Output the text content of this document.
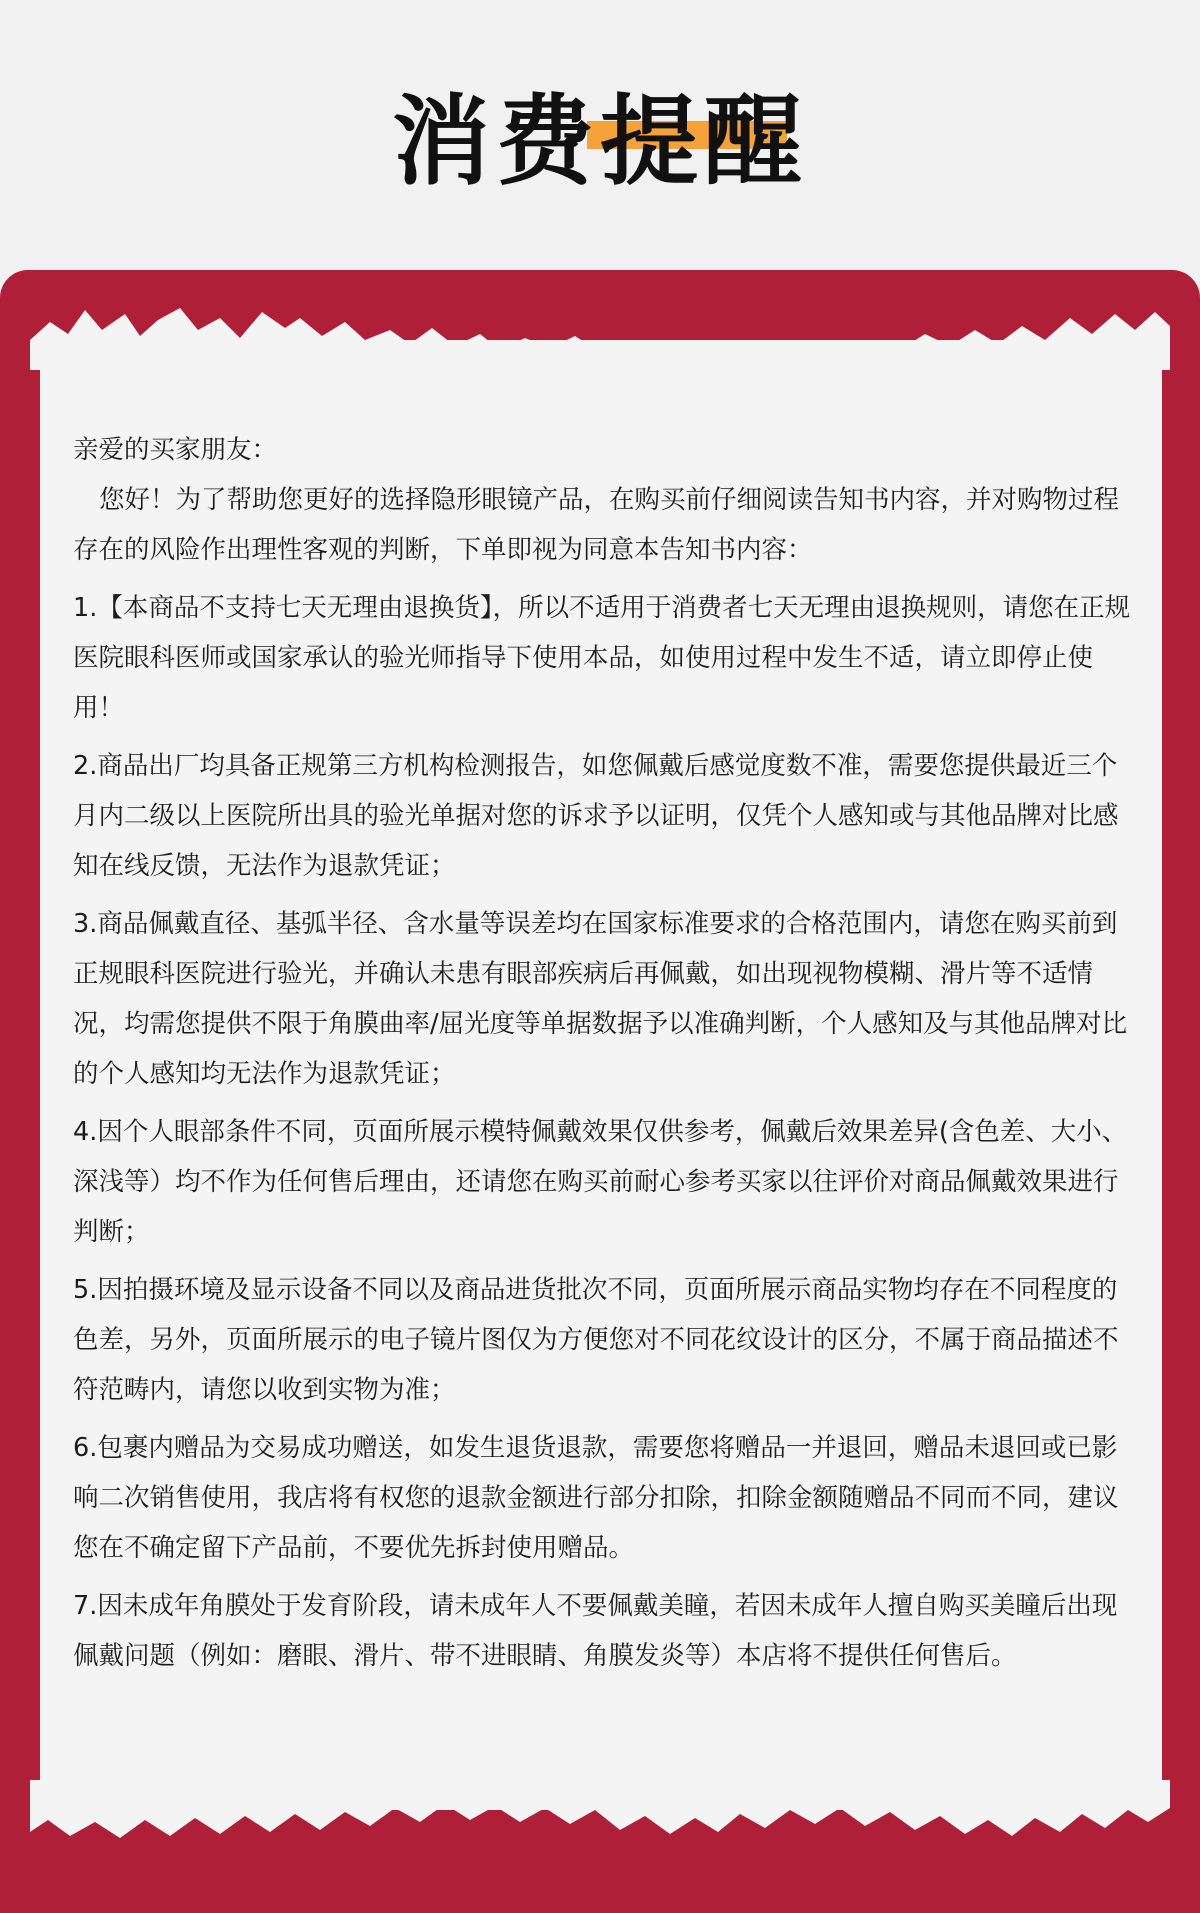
消费提醒

亲爱的买家朋友：

您好！为了帮助您更好的选择隐形眼镜产品，在购买前仔细阅读告知书内容，并对购物过程存在的风险作出理性客观的判断，下单即视为同意本告知书内容：

1.【本商品不支持七天无理由退换货】，所以不适用于消费者七天无理由退换规则，请您在正规医院眼科医师或国家承认的验光师指导下使用本品，如使用过程中发生不适，请立即停止使用！

2.商品出厂均具备正规第三方机构检测报告，如您佩戴后感觉度数不准，需要您提供最近三个月内二级以上医院所出具的验光单据对您的诉求予以证明，仅凭个人感知或与其他品牌对比感知在线反馈，无法作为退款凭证；

3.商品佩戴直径、基弧半径、含水量等误差均在国家标准要求的合格范围内，请您在购买前到正规眼科医院进行验光，并确认未患有眼部疾病后再佩戴，如出现视物模糊、滑片等不适情况，均需您提供不限于角膜曲率/屈光度等单据数据予以准确判断，个人感知及与其他品牌对比的个人感知均无法作为退款凭证；

4.因个人眼部条件不同，页面所展示模特佩戴效果仅供参考，佩戴后效果差异(含色差、大小、深浅等）均不作为任何售后理由，还请您在购买前耐心参考买家以往评价对商品佩戴效果进行判断；

5.因拍摄环境及显示设备不同以及商品进货批次不同，页面所展示商品实物均存在不同程度的色差，另外，页面所展示的电子镜片图仅为方便您对不同花纹设计的区分，不属于商品描述不符范畴内，请您以收到实物为准；

6.包裹内赠品为交易成功赠送，如发生退货退款，需要您将赠品一并退回，赠品未退回或已影响二次销售使用，我店将有权您的退款金额进行部分扣除，扣除金额随赠品不同而不同，建议您在不确定留下产品前，不要优先拆封使用赠品。

7.因未成年角膜处于发育阶段，请未成年人不要佩戴美瞳，若因未成年人擅自购买美瞳后出现佩戴问题（例如：磨眼、滑片、带不进眼睛、角膜发炎等）本店将不提供任何售后。
